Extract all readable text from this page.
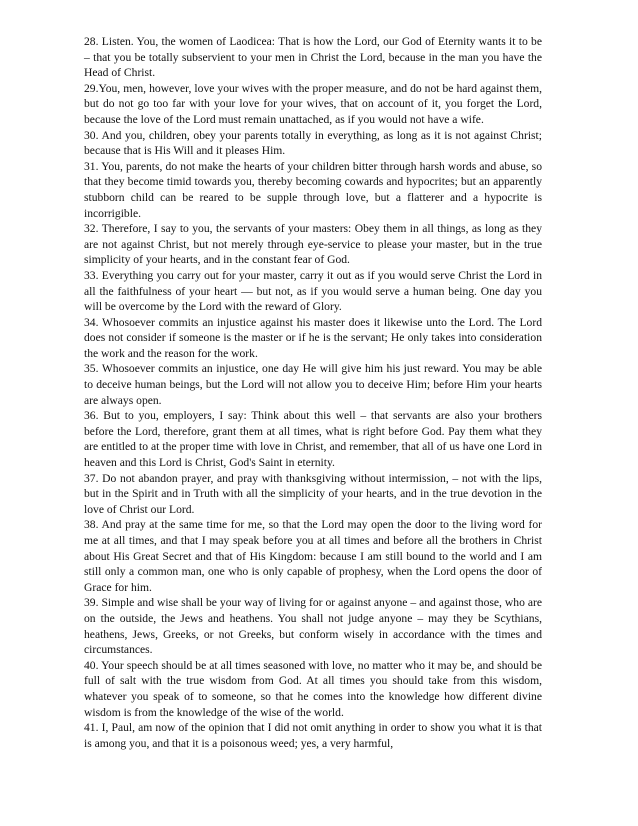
28. Listen. You, the women of Laodicea: That is how the Lord, our God of Eternity wants it to be – that you be totally subservient to your men in Christ the Lord, because in the man you have the Head of Christ.

29.You, men, however, love your wives with the proper measure, and do not be hard against them, but do not go too far with your love for your wives, that on account of it, you forget the Lord, because the love of the Lord must remain unattached, as if you would not have a wife.

30. And you, children, obey your parents totally in everything, as long as it is not against Christ; because that is His Will and it pleases Him.

31. You, parents, do not make the hearts of your children bitter through harsh words and abuse, so that they become timid towards you, thereby becoming cowards and hypocrites; but an apparently stubborn child can be reared to be supple through love, but a flatterer and a hypocrite is incorrigible.

32. Therefore, I say to you, the servants of your masters: Obey them in all things, as long as they are not against Christ, but not merely through eye-service to please your master, but in the true simplicity of your hearts, and in the constant fear of God.

33. Everything you carry out for your master, carry it out as if you would serve Christ the Lord in all the faithfulness of your heart — but not, as if you would serve a human being. One day you will be overcome by the Lord with the reward of Glory.

34. Whosoever commits an injustice against his master does it likewise unto the Lord. The Lord does not consider if someone is the master or if he is the servant; He only takes into consideration the work and the reason for the work.

35. Whosoever commits an injustice, one day He will give him his just reward. You may be able to deceive human beings, but the Lord will not allow you to deceive Him; before Him your hearts are always open.

36. But to you, employers, I say: Think about this well – that servants are also your brothers before the Lord, therefore, grant them at all times, what is right before God. Pay them what they are entitled to at the proper time with love in Christ, and remember, that all of us have one Lord in heaven and this Lord is Christ, God's Saint in eternity.

37. Do not abandon prayer, and pray with thanksgiving without intermission, – not with the lips, but in the Spirit and in Truth with all the simplicity of your hearts, and in the true devotion in the love of Christ our Lord.

38. And pray at the same time for me, so that the Lord may open the door to the living word for me at all times, and that I may speak before you at all times and before all the brothers in Christ about His Great Secret and that of His Kingdom: because I am still bound to the world and I am still only a common man, one who is only capable of prophesy, when the Lord opens the door of Grace for him.

39. Simple and wise shall be your way of living for or against anyone – and against those, who are on the outside, the Jews and heathens. You shall not judge anyone – may they be Scythians, heathens, Jews, Greeks, or not Greeks, but conform wisely in accordance with the times and circumstances.

40. Your speech should be at all times seasoned with love, no matter who it may be, and should be full of salt with the true wisdom from God. At all times you should take from this wisdom, whatever you speak of to someone, so that he comes into the knowledge how different divine wisdom is from the knowledge of the wise of the world.

41. I, Paul, am now of the opinion that I did not omit anything in order to show you what it is that is among you, and that it is a poisonous weed; yes, a very harmful,
